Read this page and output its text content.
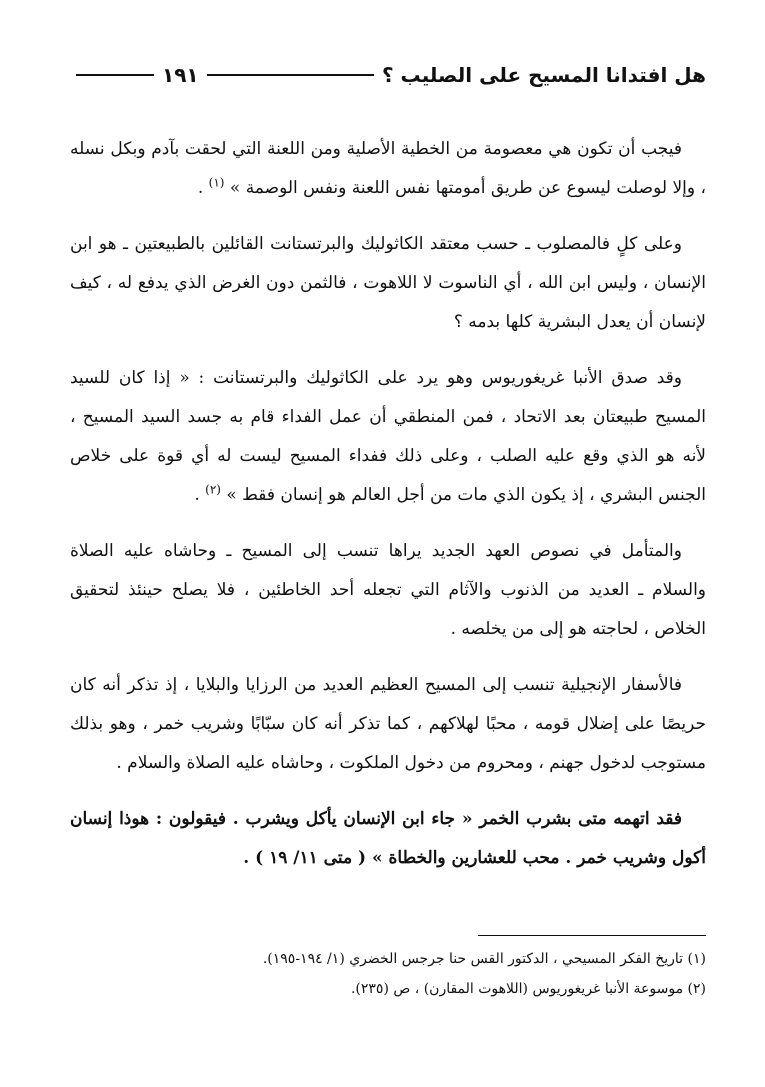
هل افتدانا المسيح على الصليب ؟
١٩١

فيجب أن تكون هي معصومة من الخطية الأصلية ومن اللعنة التي لحقت بآدم وبكل نسله ، وإلا لوصلت ليسوع عن طريق أمومتها نفس اللعنة ونفس الوصمة » $^{(١)}$ .

وعلى كلٍ فالمصلوب ـ حسب معتقد الكاثوليك والبرتستانت القائلين بالطبيعتين ـ هو ابن الإنسان ، وليس ابن الله ، أي الناسوت لا اللاهوت ، فالثمن دون الغرض الذي يدفع له ، كيف لإنسان أن يعدل البشرية كلها بدمه ؟

وقد صدق الأنبا غريغوريوس وهو يرد على الكاثوليك والبرتستانت : « إذا كان للسيد المسيح طبيعتان بعد الاتحاد ، فمن المنطقي أن عمل الفداء قام به جسد السيد المسيح ، لأنه هو الذي وقع عليه الصلب ، وعلى ذلك ففداء المسيح ليست له أي قوة على خلاص الجنس البشري ، إذ يكون الذي مات من أجل العالم هو إنسان فقط » $^{(٢)}$ .

والمتأمل في نصوص العهد الجديد يراها تنسب إلى المسيح ـ وحاشاه عليه الصلاة والسلام ـ العديد من الذنوب والآثام التي تجعله أحد الخاطئين ، فلا يصلح حينئذ لتحقيق الخلاص ، لحاجته هو إلى من يخلصه .

فالأسفار الإنجيلية تنسب إلى المسيح العظيم العديد من الرزايا والبلايا ، إذ تذكر أنه كان حريصًا على إضلال قومه ، محبًا لهلاكهم ، كما تذكر أنه كان سبّابًا وشريب خمر ، وهو بذلك مستوجب لدخول جهنم ، ومحروم من دخول الملكوت ، وحاشاه عليه الصلاة والسلام .

فقد اتهمه متى بشرب الخمر « جاء ابن الإنسان يأكل ويشرب . فيقولون : هوذا إنسان أكول وشريب خمر . محب للعشارين والخطاة » ( متى ١١/ ١٩ ) .

(١) تاريخ الفكر المسيحي ، الدكتور القس حنا جرجس الخضري (١/ ١٩٤-١٩٥).

(٢) موسوعة الأنبا غريغوريوس (اللاهوت المقارن) ، ص (٢٣٥).
